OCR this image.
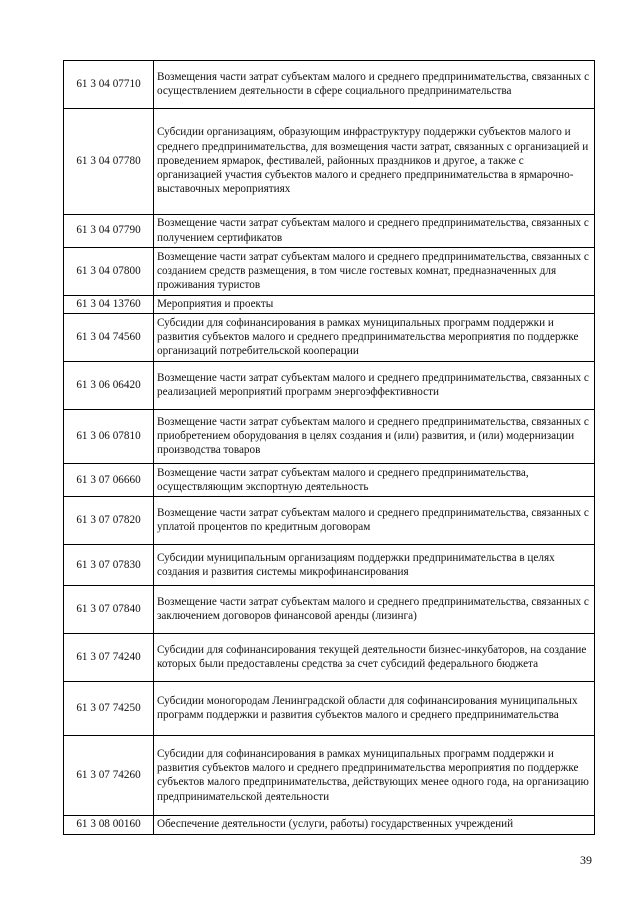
61 3 04 07710	Возмещения части затрат субъектам малого и среднего предпринимательства, связанных с осуществлением деятельности в сфере социального предпринимательства
61 3 04 07780	Субсидии организациям, образующим инфраструктуру поддержки субъектов малого и среднего предпринимательства, для возмещения части затрат, связанных с организацией и проведением ярмарок, фестивалей, районных праздников и другое, а также с организацией участия субъектов малого и среднего предпринимательства в ярмарочно-выставочных мероприятиях
61 3 04 07790	Возмещение части затрат субъектам малого и среднего предпринимательства, связанных с получением сертификатов
61 3 04 07800	Возмещение части затрат субъектам малого и среднего предпринимательства, связанных с созданием средств размещения, в том числе гостевых комнат, предназначенных для проживания туристов
61 3 04 13760	Мероприятия и проекты
61 3 04 74560	Субсидии для софинансирования в рамках муниципальных программ поддержки и развития субъектов малого и среднего предпринимательства мероприятия по поддержке организаций потребительской кооперации
61 3 06 06420	Возмещение части затрат субъектам малого и среднего предпринимательства, связанных с реализацией мероприятий программ энергоэффективности
61 3 06 07810	Возмещение части затрат субъектам малого и среднего предпринимательства, связанных с приобретением оборудования в целях создания и (или) развития, и (или) модернизации производства товаров
61 3 07 06660	Возмещение части затрат субъектам малого и среднего предпринимательства, осуществляющим экспортную деятельность
61 3 07 07820	Возмещение части затрат субъектам малого и среднего предпринимательства, связанных с уплатой процентов по кредитным договорам
61 3 07 07830	Субсидии муниципальным организациям поддержки предпринимательства в целях создания и развития системы микрофинансирования
61 3 07 07840	Возмещение части затрат субъектам малого и среднего предпринимательства, связанных с заключением договоров финансовой аренды (лизинга)
61 3 07 74240	Субсидии для софинансирования текущей деятельности бизнес-инкубаторов, на создание которых были предоставлены средства за счет субсидий федерального бюджета
61 3 07 74250	Субсидии моногородам Ленинградской области для софинансирования муниципальных программ поддержки и развития субъектов малого и среднего предпринимательства
61 3 07 74260	Субсидии для софинансирования в рамках муниципальных программ поддержки и развития субъектов малого и среднего предпринимательства мероприятия по поддержке субъектов малого предпринимательства, действующих менее одного года, на организацию предпринимательской деятельности
61 3 08 00160	Обеспечение деятельности (услуги, работы) государственных учреждений
39
